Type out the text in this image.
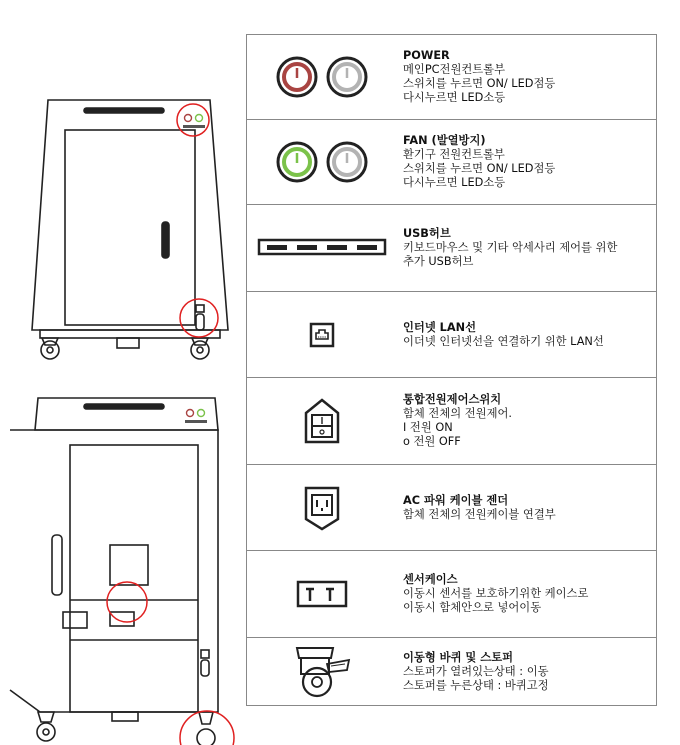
POWER
메인PC전원컨트롤부
스위치를 누르면 ON/ LED점등
다시누르면 LED소등
FAN (발열방지)
환기구 전원컨트롤부
스위치를 누르면 ON/ LED점등
다시누르면 LED소등
USB허브
키보드마우스 및 기타 악세사리 제어를 위한
추가 USB허브
인터넷 LAN선
이더넷 인터넷선을 연결하기 위한 LAN선
통합전원제어스위치
함체 전체의 전원제어.
I 전원 ON
o 전원 OFF
AC 파워 케이블 젠더
함체 전체의 전원케이블 연결부
센서케이스
이동시 센서를 보호하기위한 케이스로
이동시 함체안으로 넣어이동
이동형 바퀴 및 스토퍼
스토퍼가 열려있는상태 : 이동
스토퍼를 누른상태 : 바퀴고정
